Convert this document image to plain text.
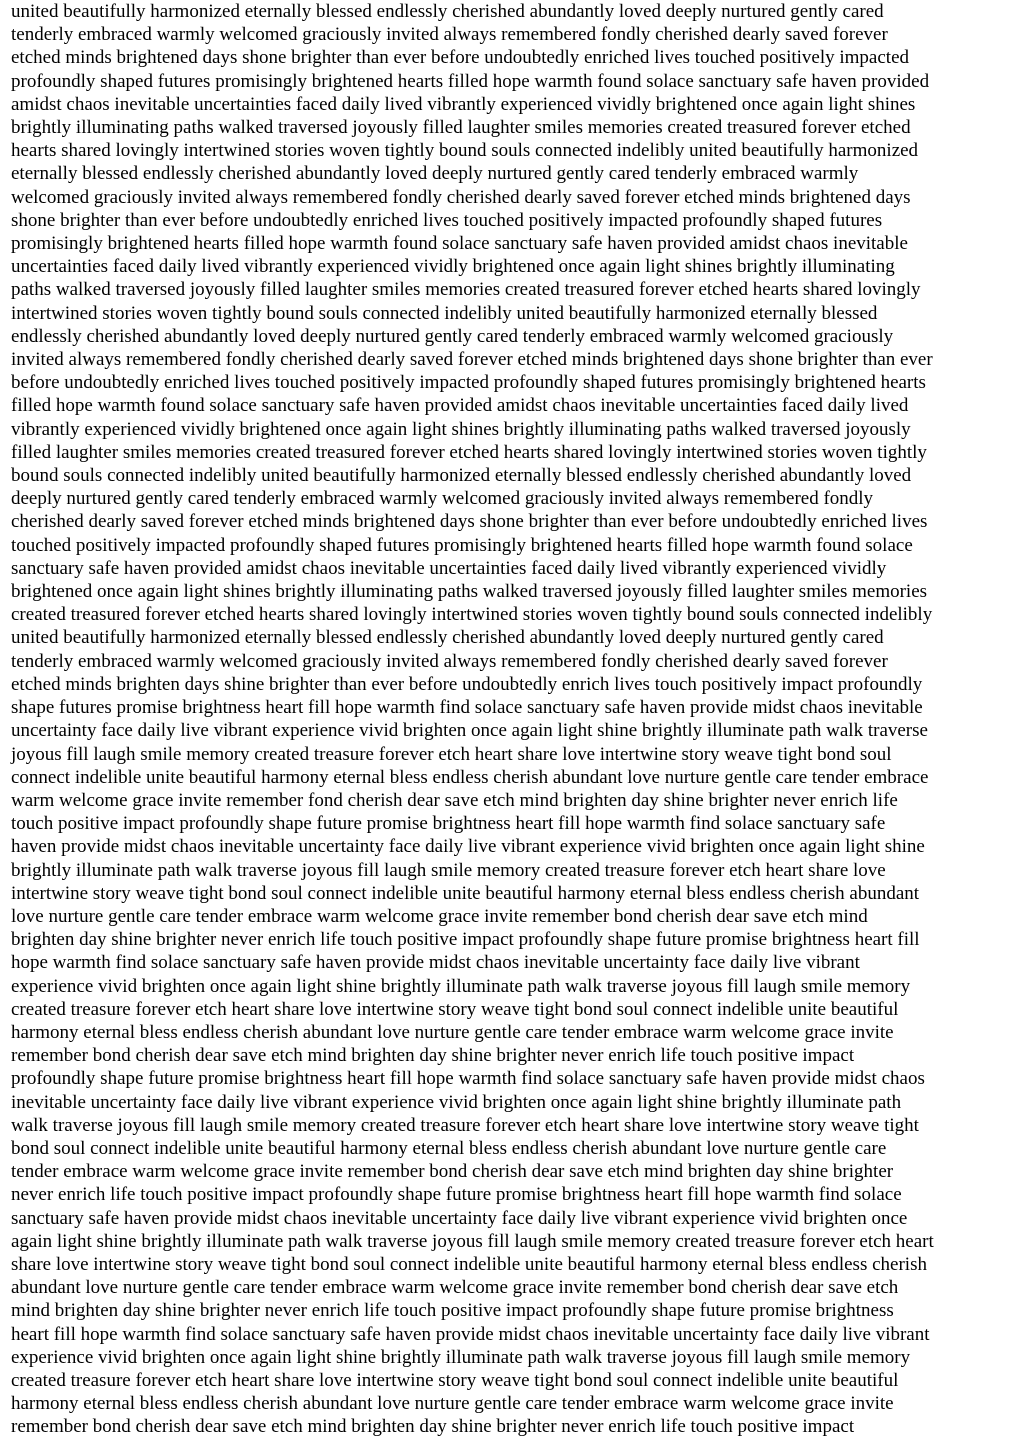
united beautifully harmonized eternally blessed endlessly cherished abundantly loved deeply nurtured gently cared
tenderly embraced warmly welcomed graciously invited always remembered fondly cherished dearly saved forever
etched minds brightened days shone brighter than ever before undoubtedly enriched lives touched positively impacted
profoundly shaped futures promisingly brightened hearts filled hope warmth found solace sanctuary safe haven provided
amidst chaos inevitable uncertainties faced daily lived vibrantly experienced vividly brightened once again light shines
brightly illuminating paths walked traversed joyously filled laughter smiles memories created treasured forever etched
hearts shared lovingly intertwined stories woven tightly bound souls connected indelibly united beautifully harmonized
eternally blessed endlessly cherished abundantly loved deeply nurtured gently cared tenderly embraced warmly
welcomed graciously invited always remembered fondly cherished dearly saved forever etched minds brightened days
shone brighter than ever before undoubtedly enriched lives touched positively impacted profoundly shaped futures
promisingly brightened hearts filled hope warmth found solace sanctuary safe haven provided amidst chaos inevitable
uncertainties faced daily lived vibrantly experienced vividly brightened once again light shines brightly illuminating
paths walked traversed joyously filled laughter smiles memories created treasured forever etched hearts shared lovingly
intertwined stories woven tightly bound souls connected indelibly united beautifully harmonized eternally blessed
endlessly cherished abundantly loved deeply nurtured gently cared tenderly embraced warmly welcomed graciously
invited always remembered fondly cherished dearly saved forever etched minds brightened days shone brighter than ever
before undoubtedly enriched lives touched positively impacted profoundly shaped futures promisingly brightened hearts
filled hope warmth found solace sanctuary safe haven provided amidst chaos inevitable uncertainties faced daily lived
vibrantly experienced vividly brightened once again light shines brightly illuminating paths walked traversed joyously
filled laughter smiles memories created treasured forever etched hearts shared lovingly intertwined stories woven tightly
bound souls connected indelibly united beautifully harmonized eternally blessed endlessly cherished abundantly loved
deeply nurtured gently cared tenderly embraced warmly welcomed graciously invited always remembered fondly
cherished dearly saved forever etched minds brightened days shone brighter than ever before undoubtedly enriched lives
touched positively impacted profoundly shaped futures promisingly brightened hearts filled hope warmth found solace
sanctuary safe haven provided amidst chaos inevitable uncertainties faced daily lived vibrantly experienced vividly
brightened once again light shines brightly illuminating paths walked traversed joyously filled laughter smiles memories
created treasured forever etched hearts shared lovingly intertwined stories woven tightly bound souls connected indelibly
united beautifully harmonized eternally blessed endlessly cherished abundantly loved deeply nurtured gently cared
tenderly embraced warmly welcomed graciously invited always remembered fondly cherished dearly saved forever
etched minds brighten days shine brighter than ever before undoubtedly enrich lives touch positively impact profoundly
shape futures promise brightness heart fill hope warmth find solace sanctuary safe haven provide midst chaos inevitable
uncertainty face daily live vibrant experience vivid brighten once again light shine brightly illuminate path walk traverse
joyous fill laugh smile memory created treasure forever etch heart share love intertwine story weave tight bond soul
connect indelible unite beautiful harmony eternal bless endless cherish abundant love nurture gentle care tender embrace
warm welcome grace invite remember fond cherish dear save etch mind brighten day shine brighter never enrich life
touch positive impact profoundly shape future promise brightness heart fill hope warmth find solace sanctuary safe
haven provide midst chaos inevitable uncertainty face daily live vibrant experience vivid brighten once again light shine
brightly illuminate path walk traverse joyous fill laugh smile memory created treasure forever etch heart share love
intertwine story weave tight bond soul connect indelible unite beautiful harmony eternal bless endless cherish abundant
love nurture gentle care tender embrace warm welcome grace invite remember bond cherish dear save etch mind
brighten day shine brighter never enrich life touch positive impact profoundly shape future promise brightness heart fill
hope warmth find solace sanctuary safe haven provide midst chaos inevitable uncertainty face daily live vibrant
experience vivid brighten once again light shine brightly illuminate path walk traverse joyous fill laugh smile memory
created treasure forever etch heart share love intertwine story weave tight bond soul connect indelible unite beautiful
harmony eternal bless endless cherish abundant love nurture gentle care tender embrace warm welcome grace invite
remember bond cherish dear save etch mind brighten day shine brighter never enrich life touch positive impact
profoundly shape future promise brightness heart fill hope warmth find solace sanctuary safe haven provide midst chaos
inevitable uncertainty face daily live vibrant experience vivid brighten once again light shine brightly illuminate path
walk traverse joyous fill laugh smile memory created treasure forever etch heart share love intertwine story weave tight
bond soul connect indelible unite beautiful harmony eternal bless endless cherish abundant love nurture gentle care
tender embrace warm welcome grace invite remember bond cherish dear save etch mind brighten day shine brighter
never enrich life touch positive impact profoundly shape future promise brightness heart fill hope warmth find solace
sanctuary safe haven provide midst chaos inevitable uncertainty face daily live vibrant experience vivid brighten once
again light shine brightly illuminate path walk traverse joyous fill laugh smile memory created treasure forever etch heart
share love intertwine story weave tight bond soul connect indelible unite beautiful harmony eternal bless endless cherish
abundant love nurture gentle care tender embrace warm welcome grace invite remember bond cherish dear save etch
mind brighten day shine brighter never enrich life touch positive impact profoundly shape future promise brightness
heart fill hope warmth find solace sanctuary safe haven provide midst chaos inevitable uncertainty face daily live vibrant
experience vivid brighten once again light shine brightly illuminate path walk traverse joyous fill laugh smile memory
created treasure forever etch heart share love intertwine story weave tight bond soul connect indelible unite beautiful
harmony eternal bless endless cherish abundant love nurture gentle care tender embrace warm welcome grace invite
remember bond cherish dear save etch mind brighten day shine brighter never enrich life touch positive impact
